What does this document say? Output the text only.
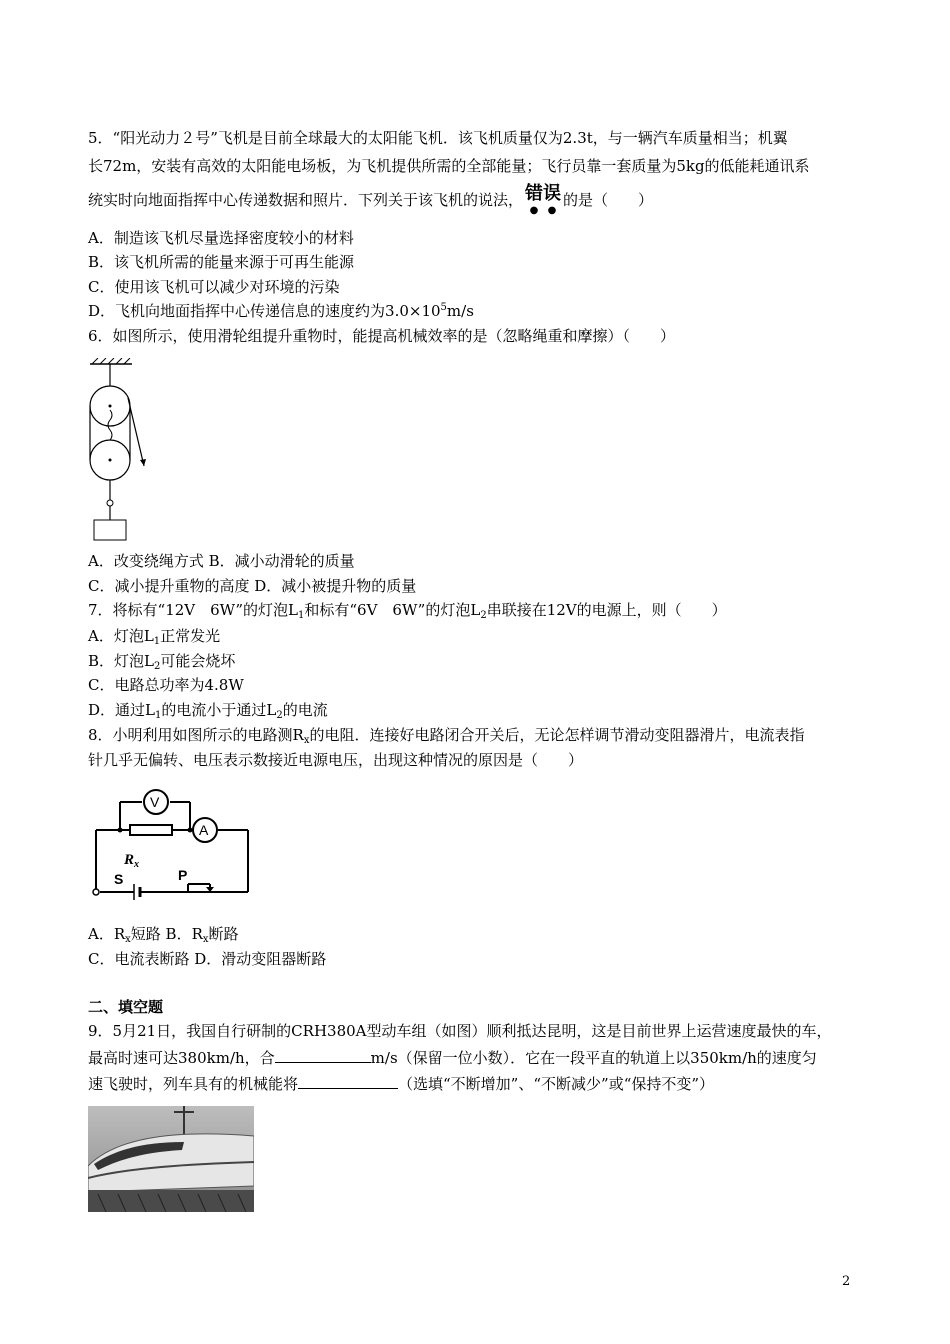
5．“阳光动力２号”飞机是目前全球最大的太阳能飞机．该飞机质量仅为2.3t，与一辆汽车质量相当；机翼
长72m，安装有高效的太阳能电场板，为飞机提供所需的全部能量；飞行员靠一套质量为5kg的低能耗通讯系
统实时向地面指挥中心传递数据和照片．下列关于该飞机的说法， 错误
● ●
的是（　　）
A．制造该飞机尽量选择密度较小的材料
B．该飞机所需的能量来源于可再生能源
C．使用该飞机可以减少对环境的污染
D．飞机向地面指挥中心传递信息的速度约为$3.0\times 10^5m/s$
6．如图所示，使用滑轮组提升重物时，能提高机械效率的是（忽略绳重和摩擦）（　　）
A．改变绕绳方式 B．减小动滑轮的质量
C．减小提升重物的高度 D．减小被提升物的质量
7．将标有“12V　6W”的灯泡$L_1$和标有“6V　6W”的灯泡$L_2$串联接在12V的电源上，则（　　）
A．灯泡$L_1$正常发光
B．灯泡$L_2$可能会烧坏
C．电路总功率为4.8W
D．通过$L_1$的电流小于通过$L_2$的电流
8．小明利用如图所示的电路测$R_x$的电阻．连接好电路闭合开关后，无论怎样调节滑动变阻器滑片，电流表指
针几乎无偏转、电压表示数接近电源电压，出现这种情况的原因是（　　）
V
A
$R_x$
S	P
A．$R_x$短路 B．$R_x$断路
C．电流表断路 D．滑动变阻器断路
二、填空题
9．5月21日，我国自行研制的CRH380A型动车组（如图）顺利抵达昆明，这是目前世界上运营速度最快的车，
最高时速可达380km/h，合	m/s（保留一位小数）．它在一段平直的轨道上以350km/h的速度匀
速飞驶时，列车具有的机械能将	（选填“不断增加”、“不断减少”或“保持不变”）
2
